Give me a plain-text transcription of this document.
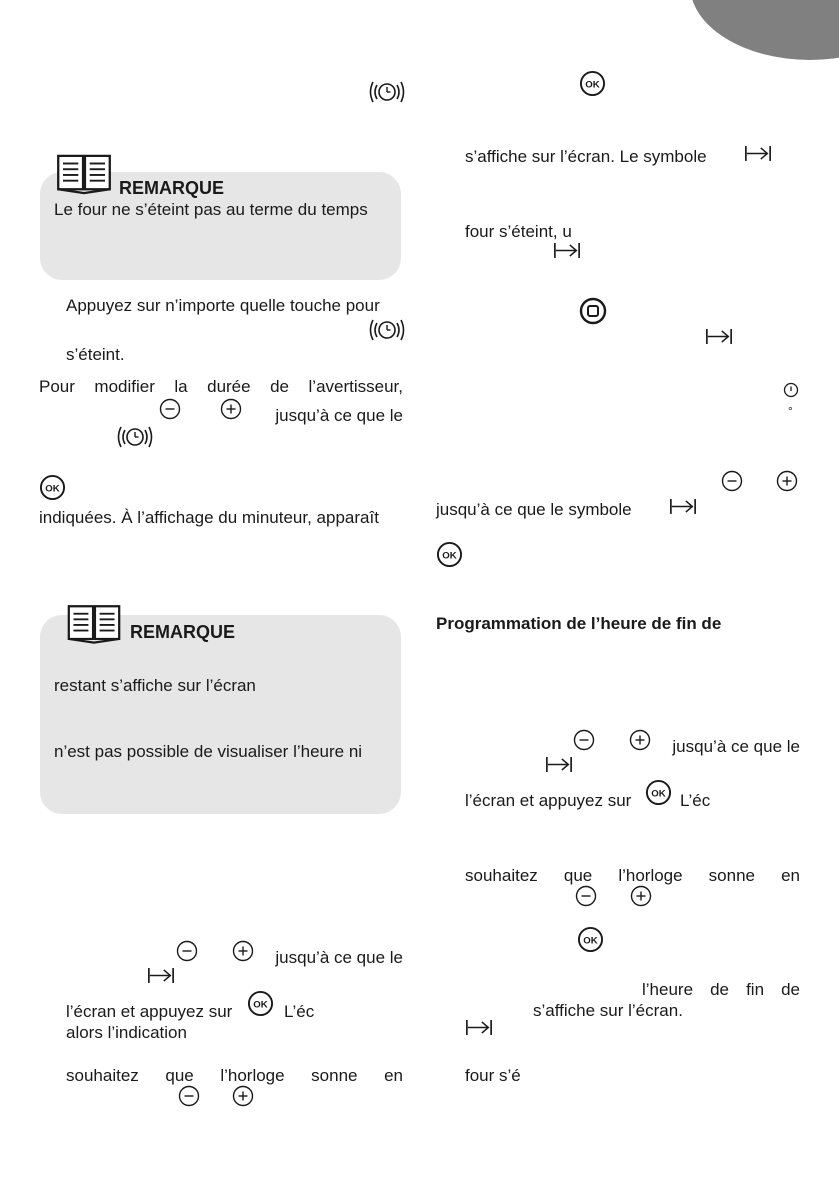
REMARQUE
Le four ne s’éteint pas au terme du temps
Appuyez sur n’importe quelle touche pour
s’éteint.
Pour modifier la durée de l’avertisseur,
jusqu’à ce que le
indiquées. À l’affichage du minuteur, apparaît
REMARQUE
restant s’affiche sur l’écran
n’est pas possible de visualiser l’heure ni
jusqu’à ce que le
l’écran et appuyez sur	L’éc
alors l’indication
souhaitez que l’horloge sonne en
s’affiche sur l’écran. Le symbole
four s’éteint, u
°
jusqu’à ce que le symbole
Programmation de l’heure de fin de
jusqu’à ce que le
l’écran et appuyez sur	L’éc
souhaitez que l’horloge sonne en
l’heure de fin de
s’affiche sur l’écran.
four s’é
